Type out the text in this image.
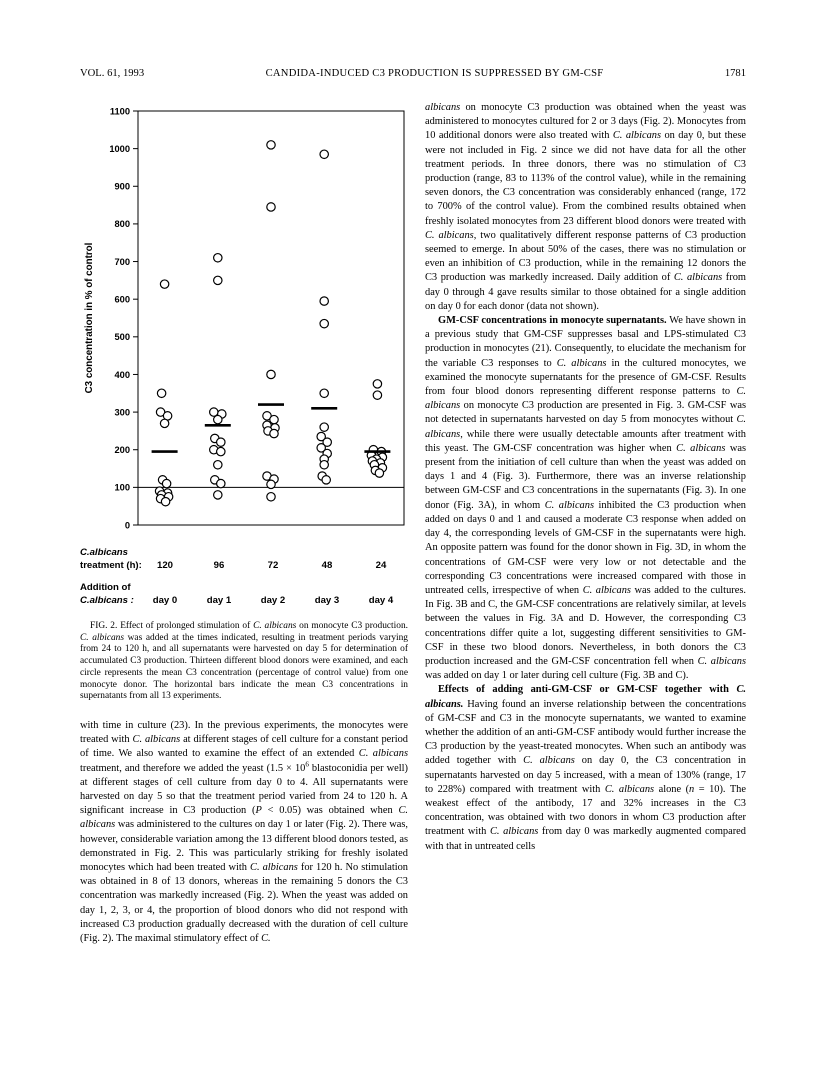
VOL. 61, 1993	CANDIDA-INDUCED C3 PRODUCTION IS SUPPRESSED BY GM-CSF	1781
0
100
200
300
400
500
600
700
800
900
1000
1100
C3 concentration in % of control
C.albicans
treatment (h):	120	96	72	48	24
Addition of
C.albicans :	day 0	day 1	day 2	day 3	day 4
FIG. 2. Effect of prolonged stimulation of C. albicans on monocyte C3 production. C. albicans was added at the times indicated, resulting in treatment periods varying from 24 to 120 h, and all supernatants were harvested on day 5 for determination of accumulated C3 production. Thirteen different blood donors were examined, and each circle represents the mean C3 concentration (percentage of control value) from one monocyte donor. The horizontal bars indicate the mean C3 concentrations in supernatants from all 13 experiments.

with time in culture (23). In the previous experiments, the monocytes were treated with C. albicans at different stages of cell culture for a constant period of time. We also wanted to examine the effect of an extended C. albicans treatment, and therefore we added the yeast ($1.5 \times 10^6$ blastoconidia per well) at different stages of cell culture from day 0 to 4. All supernatants were harvested on day 5 so that the treatment period varied from 24 to 120 h. A significant increase in C3 production (P < 0.05) was obtained when C. albicans was administered to the cultures on day 1 or later (Fig. 2). There was, however, considerable variation among the 13 different blood donors tested, as demonstrated in Fig. 2. This was particularly striking for freshly isolated monocytes which had been treated with C. albicans for 120 h. No stimulation was obtained in 8 of 13 donors, whereas in the remaining 5 donors the C3 concentration was markedly increased (Fig. 2). When the yeast was added on day 1, 2, 3, or 4, the proportion of blood donors who did not respond with increased C3 production gradually decreased with the duration of cell culture (Fig. 2). The maximal stimulatory effect of C.

albicans on monocyte C3 production was obtained when the yeast was administered to monocytes cultured for 2 or 3 days (Fig. 2). Monocytes from 10 additional donors were also treated with C. albicans on day 0, but these were not included in Fig. 2 since we did not have data for all the other treatment periods. In three donors, there was no stimulation of C3 production (range, 83 to 113% of the control value), while in the remaining seven donors, the C3 concentration was considerably enhanced (range, 172 to 700% of the control value). From the combined results obtained when freshly isolated monocytes from 23 different blood donors were treated with C. albicans, two qualitatively different response patterns of C3 production seemed to emerge. In about 50% of the cases, there was no stimulation or even an inhibition of C3 production, while in the remaining 12 donors the C3 production was markedly increased. Daily addition of C. albicans from day 0 through 4 gave results similar to those obtained for a single addition on day 0 for each donor (data not shown).

GM-CSF concentrations in monocyte supernatants. We have shown in a previous study that GM-CSF suppresses basal and LPS-stimulated C3 production in monocytes (21). Consequently, to elucidate the mechanism for the variable C3 responses to C. albicans in the cultured monocytes, we examined the monocyte supernatants for the presence of GM-CSF. Results from four blood donors representing different response patterns to C. albicans on monocyte C3 production are presented in Fig. 3. GM-CSF was not detected in supernatants harvested on day 5 from monocytes without C. albicans, while there were usually detectable amounts after treatment with this yeast. The GM-CSF concentration was higher when C. albicans was present from the initiation of cell culture than when the yeast was added on days 1 and 4 (Fig. 3). Furthermore, there was an inverse relationship between GM-CSF and C3 concentrations in the supernatants (Fig. 3). In one donor (Fig. 3A), in whom C. albicans inhibited the C3 production when added on days 0 and 1 and caused a moderate C3 response when added on day 4, the corresponding levels of GM-CSF in the supernatants were high. An opposite pattern was found for the donor shown in Fig. 3D, in whom the concentrations of GM-CSF were very low or not detectable and the corresponding C3 concentrations were increased compared with those in untreated cells, irrespective of when C. albicans was added to the cultures. In Fig. 3B and C, the GM-CSF concentrations are relatively similar, at levels between the values in Fig. 3A and D. However, the corresponding C3 concentrations differ quite a lot, suggesting different sensitivities to GM-CSF in these two blood donors. Nevertheless, in both donors the C3 production increased and the GM-CSF concentration fell when C. albicans was added on day 1 or later during cell culture (Fig. 3B and C).

Effects of adding anti-GM-CSF or GM-CSF together with C. albicans. Having found an inverse relationship between the concentrations of GM-CSF and C3 in the monocyte supernatants, we wanted to examine whether the addition of an anti-GM-CSF antibody would further increase the C3 production by the yeast-treated monocytes. When such an antibody was added together with C. albicans on day 0, the C3 concentration in supernatants harvested on day 5 increased, with a mean of 130% (range, 17 to 228%) compared with treatment with C. albicans alone (n = 10). The weakest effect of the antibody, 17 and 32% increases in the C3 concentration, was obtained with two donors in whom C3 production after treatment with C. albicans from day 0 was markedly augmented compared with that in untreated cells
